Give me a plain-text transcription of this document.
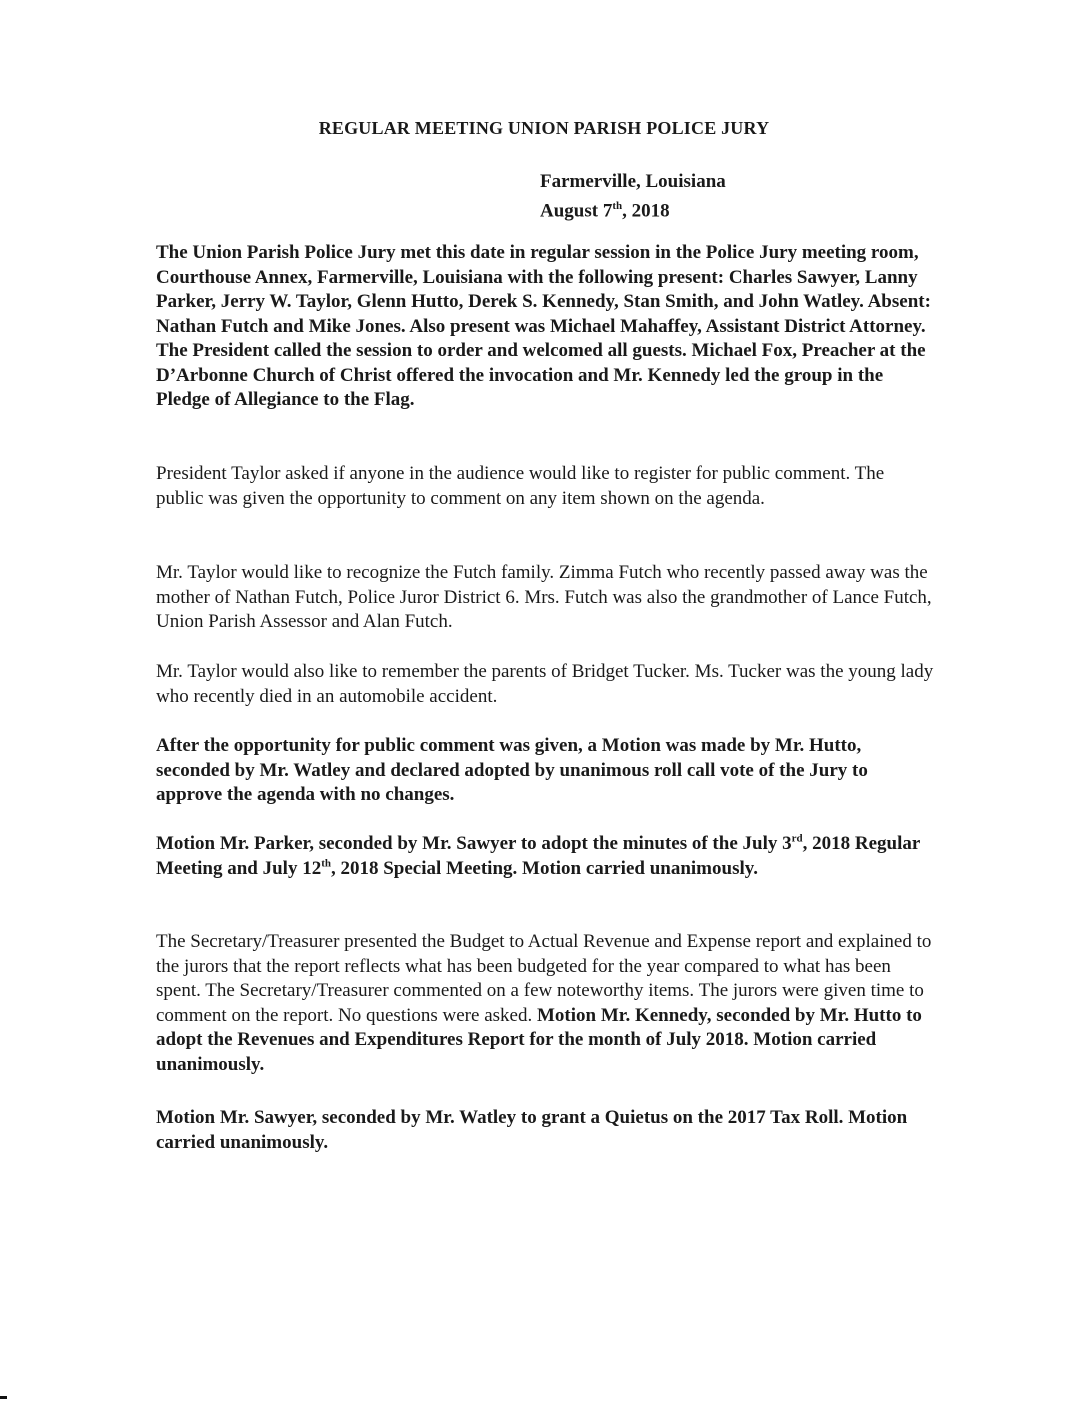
REGULAR MEETING UNION PARISH POLICE JURY
Farmerville, Louisiana
August 7th, 2018

The Union Parish Police Jury met this date in regular session in the Police Jury meeting room, Courthouse Annex, Farmerville, Louisiana with the following present: Charles Sawyer, Lanny Parker, Jerry W. Taylor, Glenn Hutto, Derek S. Kennedy, Stan Smith, and John Watley. Absent: Nathan Futch and Mike Jones. Also present was Michael Mahaffey, Assistant District Attorney. The President called the session to order and welcomed all guests. Michael Fox, Preacher at the D’Arbonne Church of Christ offered the invocation and Mr. Kennedy led the group in the Pledge of Allegiance to the Flag.

President Taylor asked if anyone in the audience would like to register for public comment. The public was given the opportunity to comment on any item shown on the agenda.

Mr. Taylor would like to recognize the Futch family. Zimma Futch who recently passed away was the mother of Nathan Futch, Police Juror District 6. Mrs. Futch was also the grandmother of Lance Futch, Union Parish Assessor and Alan Futch.

Mr. Taylor would also like to remember the parents of Bridget Tucker. Ms. Tucker was the young lady who recently died in an automobile accident.

After the opportunity for public comment was given, a Motion was made by Mr. Hutto, seconded by Mr. Watley and declared adopted by unanimous roll call vote of the Jury to approve the agenda with no changes.

Motion Mr. Parker, seconded by Mr. Sawyer to adopt the minutes of the July 3rd, 2018 Regular Meeting and July 12th, 2018 Special Meeting. Motion carried unanimously.

The Secretary/Treasurer presented the Budget to Actual Revenue and Expense report and explained to the jurors that the report reflects what has been budgeted for the year compared to what has been spent. The Secretary/Treasurer commented on a few noteworthy items. The jurors were given time to comment on the report. No questions were asked. Motion Mr. Kennedy, seconded by Mr. Hutto to adopt the Revenues and Expenditures Report for the month of July 2018. Motion carried unanimously.

Motion Mr. Sawyer, seconded by Mr. Watley to grant a Quietus on the 2017 Tax Roll. Motion carried unanimously.
